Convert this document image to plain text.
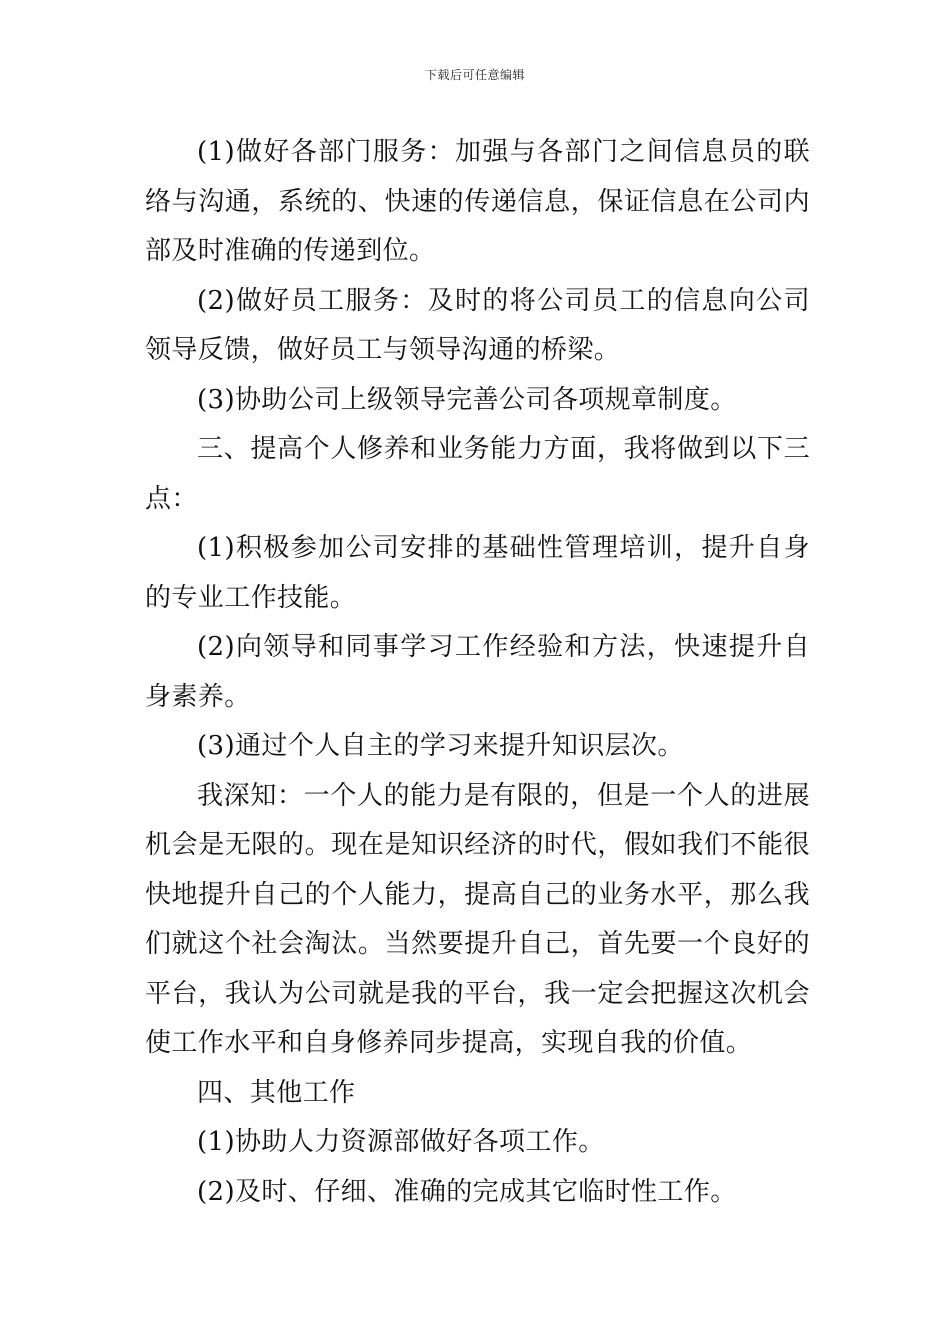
下载后可任意编辑

(1)做好各部门服务：加强与各部门之间信息员的联络与沟通，系统的、快速的传递信息，保证信息在公司内部及时准确的传递到位。

(2)做好员工服务：及时的将公司员工的信息向公司领导反馈，做好员工与领导沟通的桥梁。

(3)协助公司上级领导完善公司各项规章制度。

三、提高个人修养和业务能力方面，我将做到以下三点：

(1)积极参加公司安排的基础性管理培训，提升自身的专业工作技能。

(2)向领导和同事学习工作经验和方法，快速提升自身素养。

(3)通过个人自主的学习来提升知识层次。

我深知：一个人的能力是有限的，但是一个人的进展机会是无限的。现在是知识经济的时代，假如我们不能很快地提升自己的个人能力，提高自己的业务水平，那么我们就这个社会淘汰。当然要提升自己，首先要一个良好的平台，我认为公司就是我的平台，我一定会把握这次机会使工作水平和自身修养同步提高，实现自我的价值。

四、其他工作

(1)协助人力资源部做好各项工作。

(2)及时、仔细、准确的完成其它临时性工作。
